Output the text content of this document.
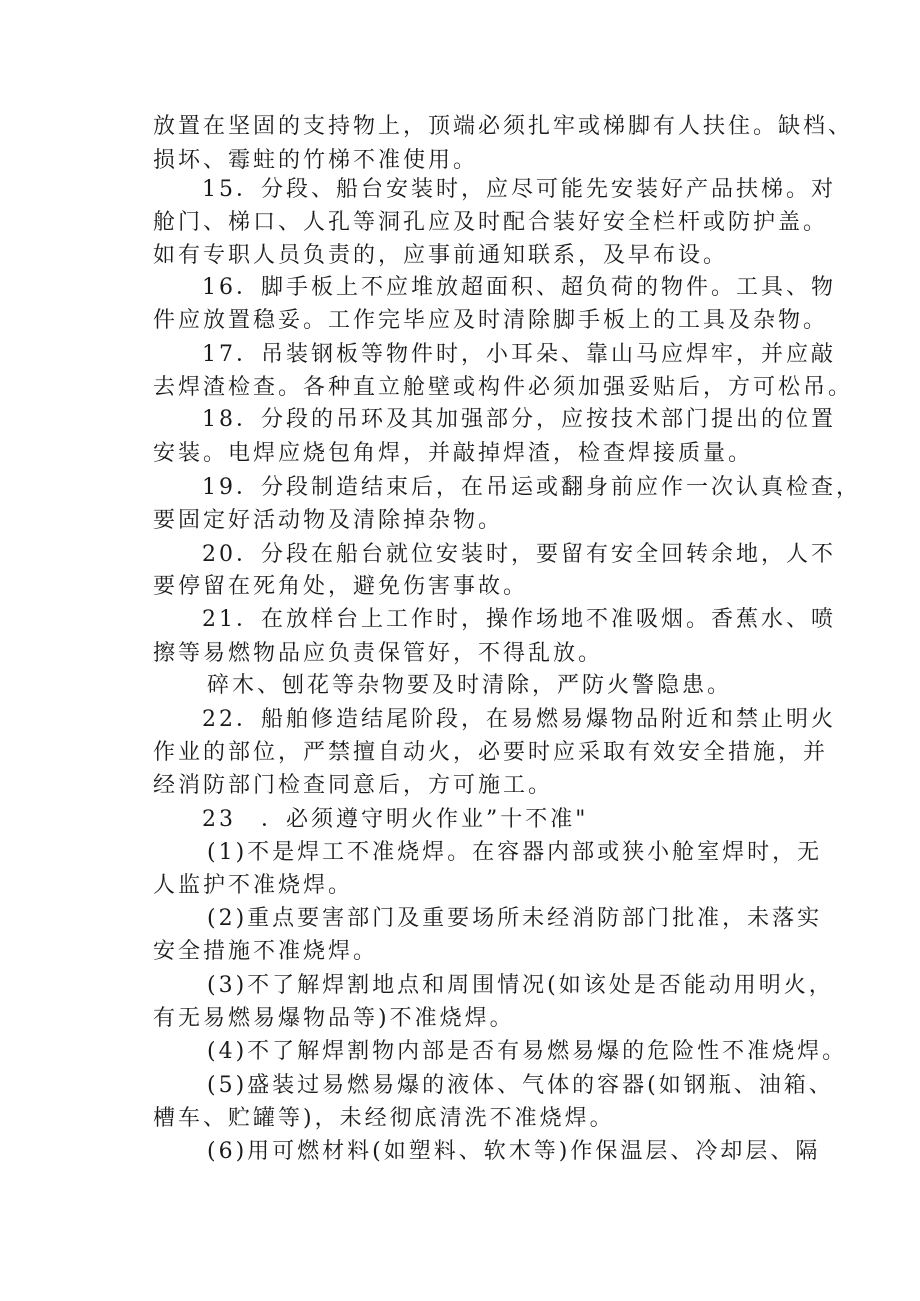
放置在坚固的支持物上，顶端必须扎牢或梯脚有人扶住。缺档、
损坏、霉蛀的竹梯不准使用。
15．分段、船台安装时，应尽可能先安装好产品扶梯。对
舱门、梯口、人孔等洞孔应及时配合装好安全栏杆或防护盖。
如有专职人员负责的，应事前通知联系，及早布设。
16．脚手板上不应堆放超面积、超负荷的物件。工具、物
件应放置稳妥。工作完毕应及时清除脚手板上的工具及杂物。
17．吊装钢板等物件时，小耳朵、靠山马应焊牢，并应敲
去焊渣检查。各种直立舱壁或构件必须加强妥贴后，方可松吊。
18．分段的吊环及其加强部分，应按技术部门提出的位置
安装。电焊应烧包角焊，并敲掉焊渣，检查焊接质量。
19．分段制造结束后，在吊运或翻身前应作一次认真检查，
要固定好活动物及清除掉杂物。
20．分段在船台就位安装时，要留有安全回转余地，人不
要停留在死角处，避免伤害事故。
21．在放样台上工作时，操作场地不准吸烟。香蕉水、喷
擦等易燃物品应负责保管好，不得乱放。
碎木、刨花等杂物要及时清除，严防火警隐患。
22．船舶修造结尾阶段，在易燃易爆物品附近和禁止明火
作业的部位，严禁擅自动火，必要时应采取有效安全措施，并
经消防部门检查同意后，方可施工。
23　．必须遵守明火作业”十不准"
(1)不是焊工不准烧焊。在容器内部或狭小舱室焊时，无
人监护不准烧焊。
(2)重点要害部门及重要场所未经消防部门批准，未落实
安全措施不准烧焊。
(3)不了解焊割地点和周围情况(如该处是否能动用明火，
有无易燃易爆物品等)不准烧焊。
(4)不了解焊割物内部是否有易燃易爆的危险性不准烧焊。
(5)盛装过易燃易爆的液体、气体的容器(如钢瓶、油箱、
槽车、贮罐等)，未经彻底清洗不准烧焊。
(6)用可燃材料(如塑料、软木等)作保温层、冷却层、隔
